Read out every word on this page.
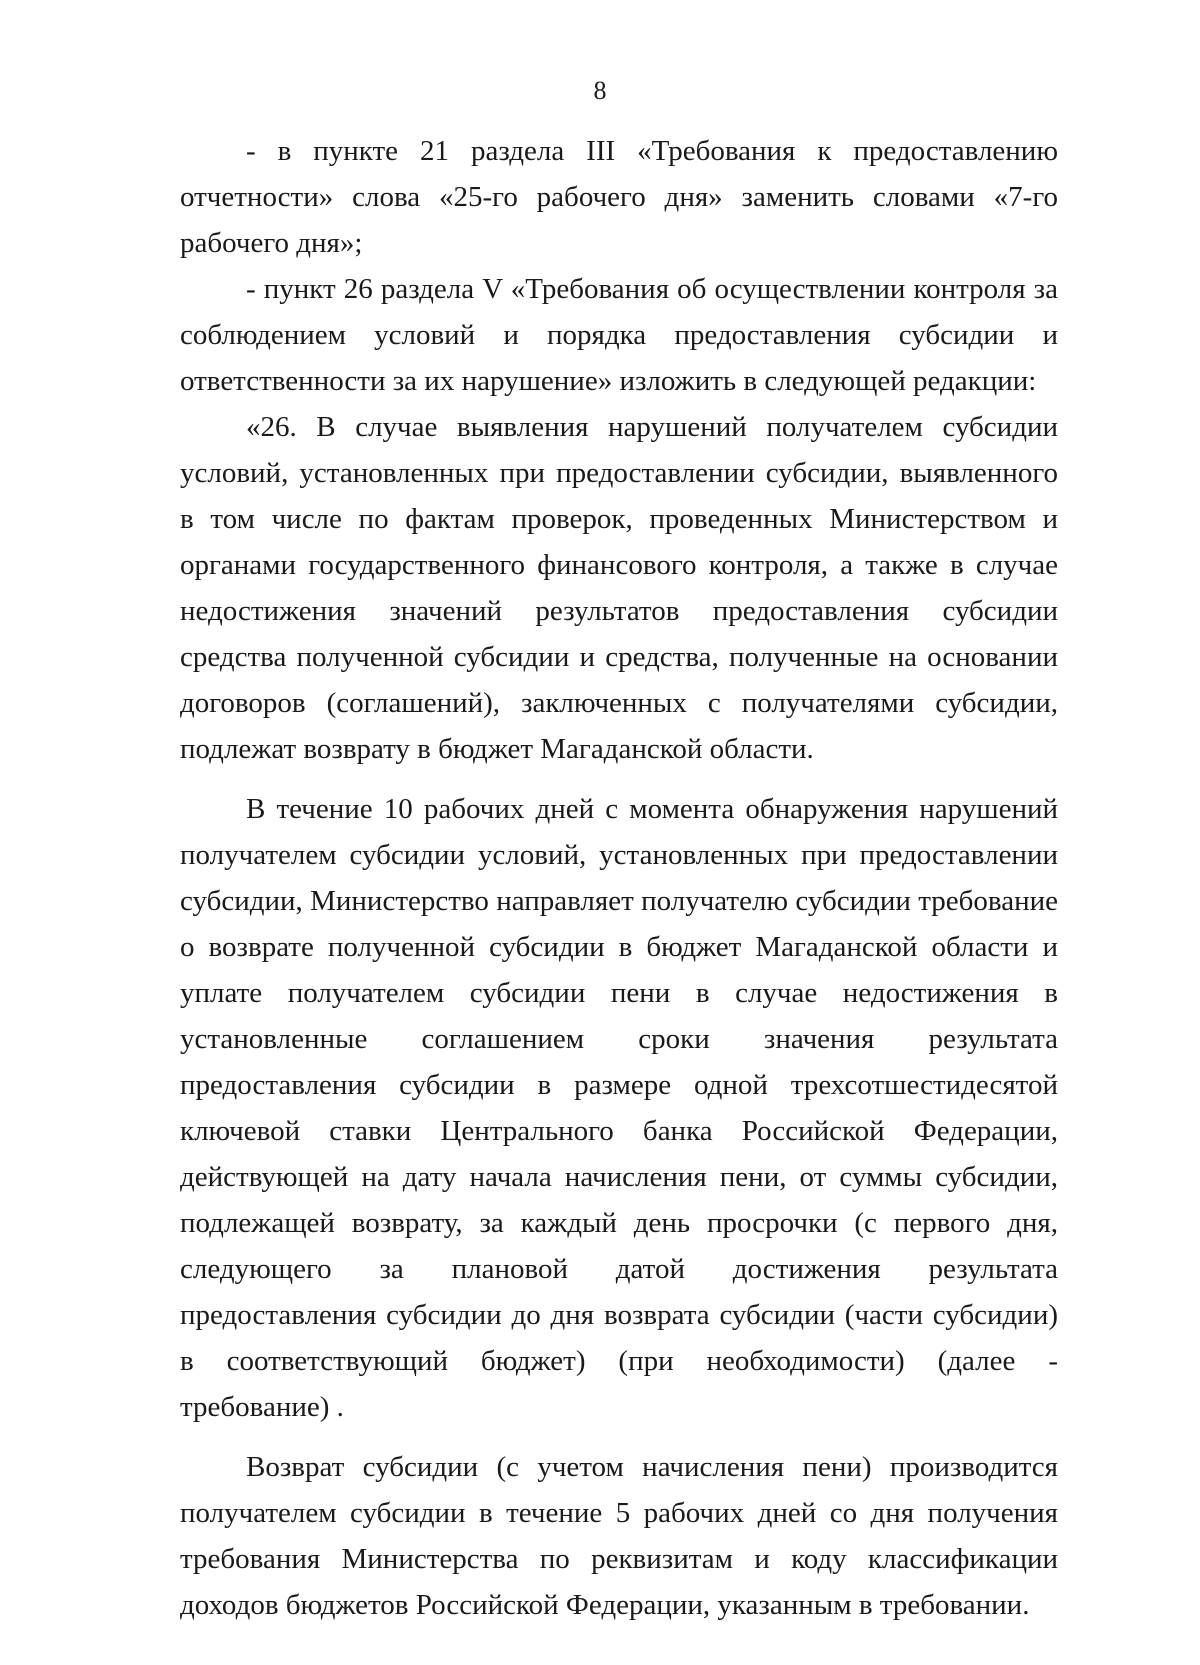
8

- в пункте 21 раздела III «Требования к предоставлению отчетности» слова «25-го рабочего дня» заменить словами «7-го рабочего дня»;

- пункт 26 раздела V «Требования об осуществлении контроля за соблюдением условий и порядка предоставления субсидии и ответственности за их нарушение» изложить в следующей редакции:

«26. В случае выявления нарушений получателем субсидии условий, установленных при предоставлении субсидии, выявленного в том числе по фактам проверок, проведенных Министерством и органами государственного финансового контроля, а также в случае недостижения значений результатов предоставления субсидии средства полученной субсидии и средства, полученные на основании договоров (соглашений), заключенных с получателями субсидии, подлежат возврату в бюджет Магаданской области.

В течение 10 рабочих дней с момента обнаружения нарушений получателем субсидии условий, установленных при предоставлении субсидии, Министерство направляет получателю субсидии требование о возврате полученной субсидии в бюджет Магаданской области и уплате получателем субсидии пени в случае недостижения в установленные соглашением сроки значения результата предоставления субсидии в размере одной трехсотшестидесятой ключевой ставки Центрального банка Российской Федерации, действующей на дату начала начисления пени, от суммы субсидии, подлежащей возврату, за каждый день просрочки (с первого дня, следующего за плановой датой достижения результата предоставления субсидии до дня возврата субсидии (части субсидии) в соответствующий бюджет) (при необходимости) (далее - требование) .

Возврат субсидии (с учетом начисления пени) производится получателем субсидии в течение 5 рабочих дней со дня получения требования Министерства по реквизитам и коду классификации доходов бюджетов Российской Федерации, указанным в требовании.
